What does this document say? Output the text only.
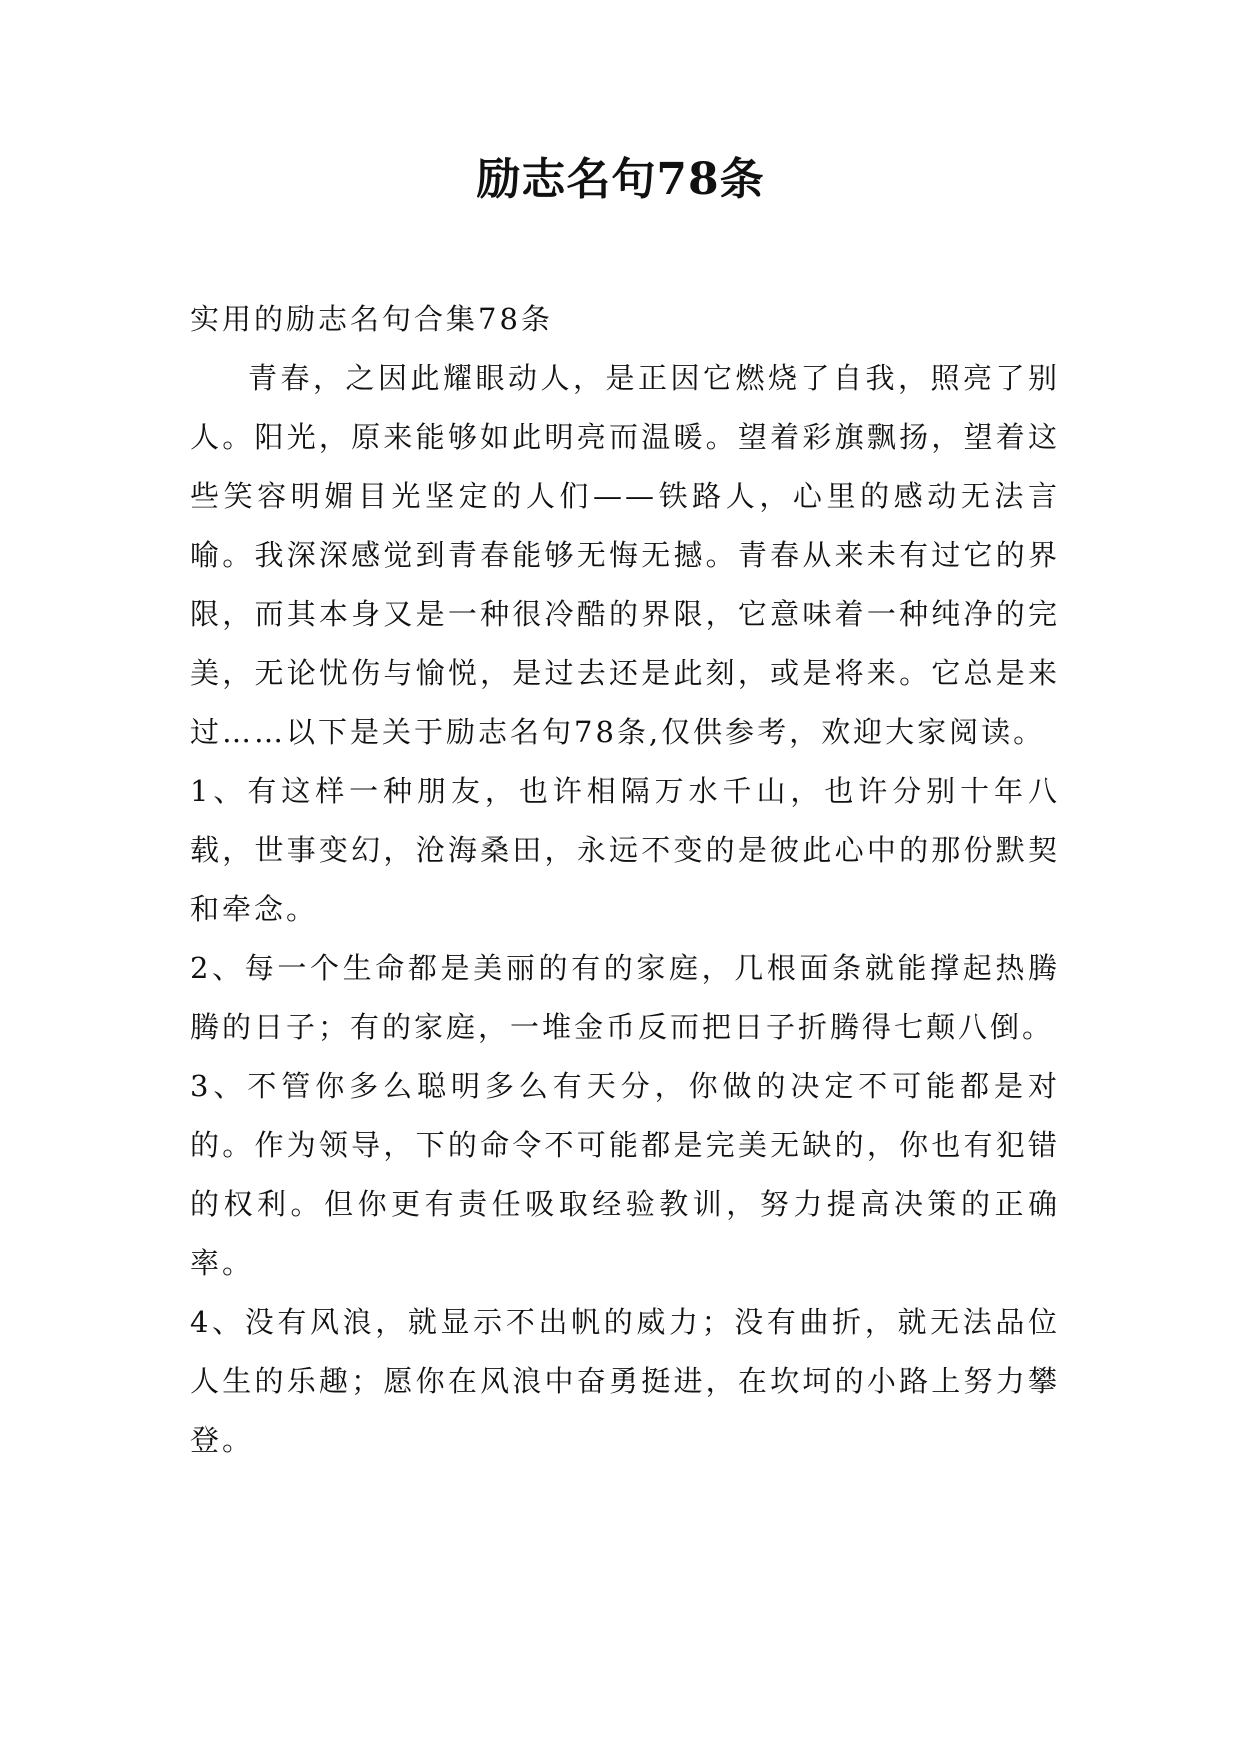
励志名句78条

实用的励志名句合集78条

青春，之因此耀眼动人，是正因它燃烧了自我，照亮了别人。阳光，原来能够如此明亮而温暖。望着彩旗飘扬，望着这些笑容明媚目光坚定的人们——铁路人，心里的感动无法言喻。我深深感觉到青春能够无悔无撼。青春从来未有过它的界限，而其本身又是一种很冷酷的界限，它意味着一种纯净的完美，无论忧伤与愉悦，是过去还是此刻，或是将来。它总是来过……以下是关于励志名句78条,仅供参考，欢迎大家阅读。

1、有这样一种朋友，也许相隔万水千山，也许分别十年八载，世事变幻，沧海桑田，永远不变的是彼此心中的那份默契和牵念。

2、每一个生命都是美丽的有的家庭，几根面条就能撑起热腾腾的日子；有的家庭，一堆金币反而把日子折腾得七颠八倒。

3、不管你多么聪明多么有天分，你做的决定不可能都是对的。作为领导，下的命令不可能都是完美无缺的，你也有犯错的权利。但你更有责任吸取经验教训，努力提高决策的正确率。

4、没有风浪，就显示不出帆的威力；没有曲折，就无法品位人生的乐趣；愿你在风浪中奋勇挺进，在坎坷的小路上努力攀登。
